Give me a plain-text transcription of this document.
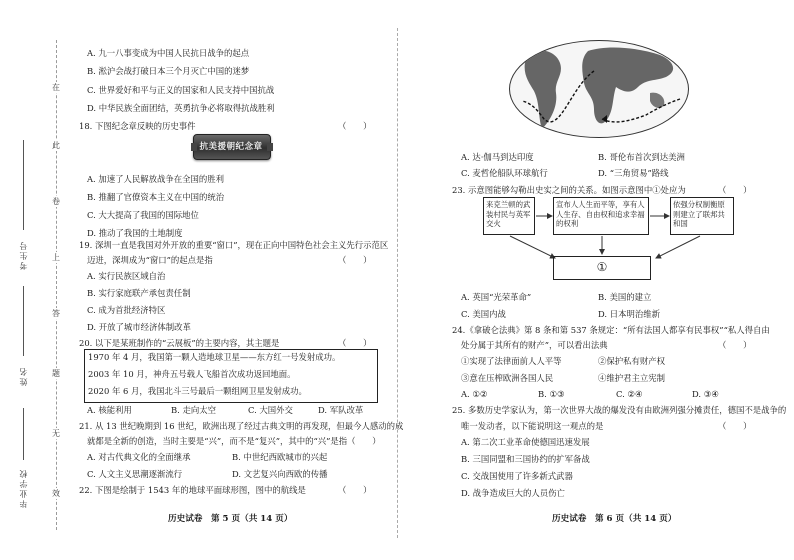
在
此
卷
上
答
题
无
效
考生号
姓名
毕业学校
A. 九一八事变成为中国人民抗日战争的起点
B. 淞沪会战打破日本三个月灭亡中国的迷梦
C. 世界爱好和平与正义的国家和人民支持中国抗战
D. 中华民族全面团结，英勇抗争必将取得抗战胜利
18. 下图纪念章反映的历史事件	（　　）
抗美援朝纪念章
A. 加速了人民解放战争在全国的胜利
B. 推翻了官僚资本主义在中国的统治
C. 大大提高了我国的国际地位
D. 推动了我国的土地制度
19. 深圳一直是我国对外开放的重要“窗口”，现在正向中国特色社会主义先行示范区
迈进，深圳成为“窗口”的起点是指	（　　）
A. 实行民族区域自治
B. 实行家庭联产承包责任制
C. 成为首批经济特区
D. 开放了城市经济体制改革
20. 以下是某班制作的“云展板”的主要内容，其主题是	（　　）
1970 年 4 月，我国第一颗人造地球卫星——东方红一号发射成功。
2003 年 10 月，神舟五号载人飞船首次成功返回地面。
2020 年 6 月，我国北斗三号最后一颗组网卫星发射成功。
A. 核能利用	B. 走向太空	C. 大国外交	D. 军队改革
21. 从 13 世纪晚期到 16 世纪，欧洲出现了经过古典文明的再发现，但最今人感动的成
就都是全新的创造，当时主要是“兴”，而不是“复兴”，其中的“兴”是指（　　）
A. 对古代典文化的全面继承	B. 中世纪西欧城市的兴起
C. 人文主义思潮逐渐流行	D. 文艺复兴向西欧的传播
22. 下图是绘制于 1543 年的地球平面球形图，图中的航线是	（　　）
历史试卷　第 5 页（共 14 页）
A. 达·伽马到达印度	B. 哥伦布首次到达美洲
C. 麦哲伦船队环球航行	D. “三角贸易”路线
23. 示意图能够勾勒出史实之间的关系。如图示意图中①处应为	（　　）
来克兰顿的武装村民与英军交火
宣布人人生而平等，享有人人生存、自由权和追求幸福的权利
依强分权制衡原则建立了联邦共和国
①
A. 英国“光荣革命”	B. 美国的建立
C. 美国内战	D. 日本明治维新
24.《拿破仑法典》第 8 条和第 537 条规定：“所有法国人都享有民事权”“私人得自由
处分属于其所有的财产”，可以看出法典	（　　）
①实现了法律面前人人平等	②保护私有财产权
③意在压榨欧洲各国人民	④维护君主立宪制
A. ①②	B. ①③	C. ②④	D. ③④
25. 多数历史学家认为，第一次世界大战的爆发没有由欧洲列强分摊责任，德国不是战争的
唯一发动者，以下能说明这一观点的是	（　　）
A. 第二次工业革命使德国迅速发展
B. 三国同盟和三国协约的扩军备战
C. 交战国使用了许多新式武器
D. 战争造成巨大的人员伤亡
历史试卷　第 6 页（共 14 页）
